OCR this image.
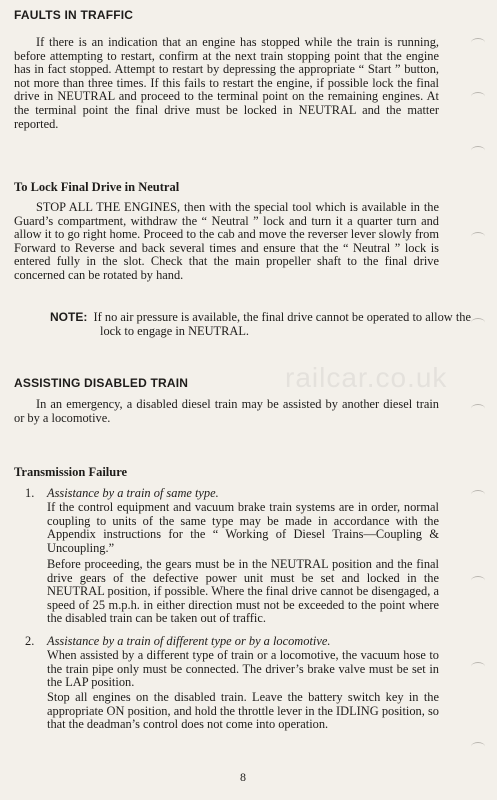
FAULTS IN TRAFFIC

If there is an indication that an engine has stopped while the train is running, before attempting to restart, confirm at the next train stopping point that the engine has in fact stopped. Attempt to restart by depressing the appropriate “ Start ” button, not more than three times. If this fails to restart the engine, if possible lock the final drive in NEUTRAL and proceed to the terminal point on the remaining engines. At the terminal point the final drive must be locked in NEUTRAL and the matter reported.

To Lock Final Drive in Neutral

STOP ALL THE ENGINES, then with the special tool which is available in the Guard’s compartment, withdraw the “ Neutral ” lock and turn it a quarter turn and allow it to go right home. Proceed to the cab and move the reverser lever slowly from Forward to Reverse and back several times and ensure that the “ Neutral ” lock is entered fully in the slot. Check that the main propeller shaft to the final drive concerned can be rotated by hand.

NOTE: If no air pressure is available, the final drive cannot be operated to allow the lock to engage in NEUTRAL.

ASSISTING DISABLED TRAIN	railcar.co.uk

In an emergency, a disabled diesel train may be assisted by another diesel train or by a locomotive.

Transmission Failure

1. Assistance by a train of same type.

If the control equipment and vacuum brake train systems are in order, normal coupling to units of the same type may be made in accordance with the Appendix instructions for the “ Working of Diesel Trains—Coupling & Uncoupling.”

Before proceeding, the gears must be in the NEUTRAL position and the final drive gears of the defective power unit must be set and locked in the NEUTRAL position, if possible. Where the final drive cannot be disengaged, a speed of 25 m.p.h. in either direction must not be exceeded to the point where the disabled train can be taken out of traffic.

2. Assistance by a train of different type or by a locomotive.

When assisted by a different type of train or a locomotive, the vacuum hose to the train pipe only must be connected. The driver’s brake valve must be set in the LAP position.

Stop all engines on the disabled train. Leave the battery switch key in the appropriate ON position, and hold the throttle lever in the IDLING position, so that the deadman’s control does not come into operation.

8
